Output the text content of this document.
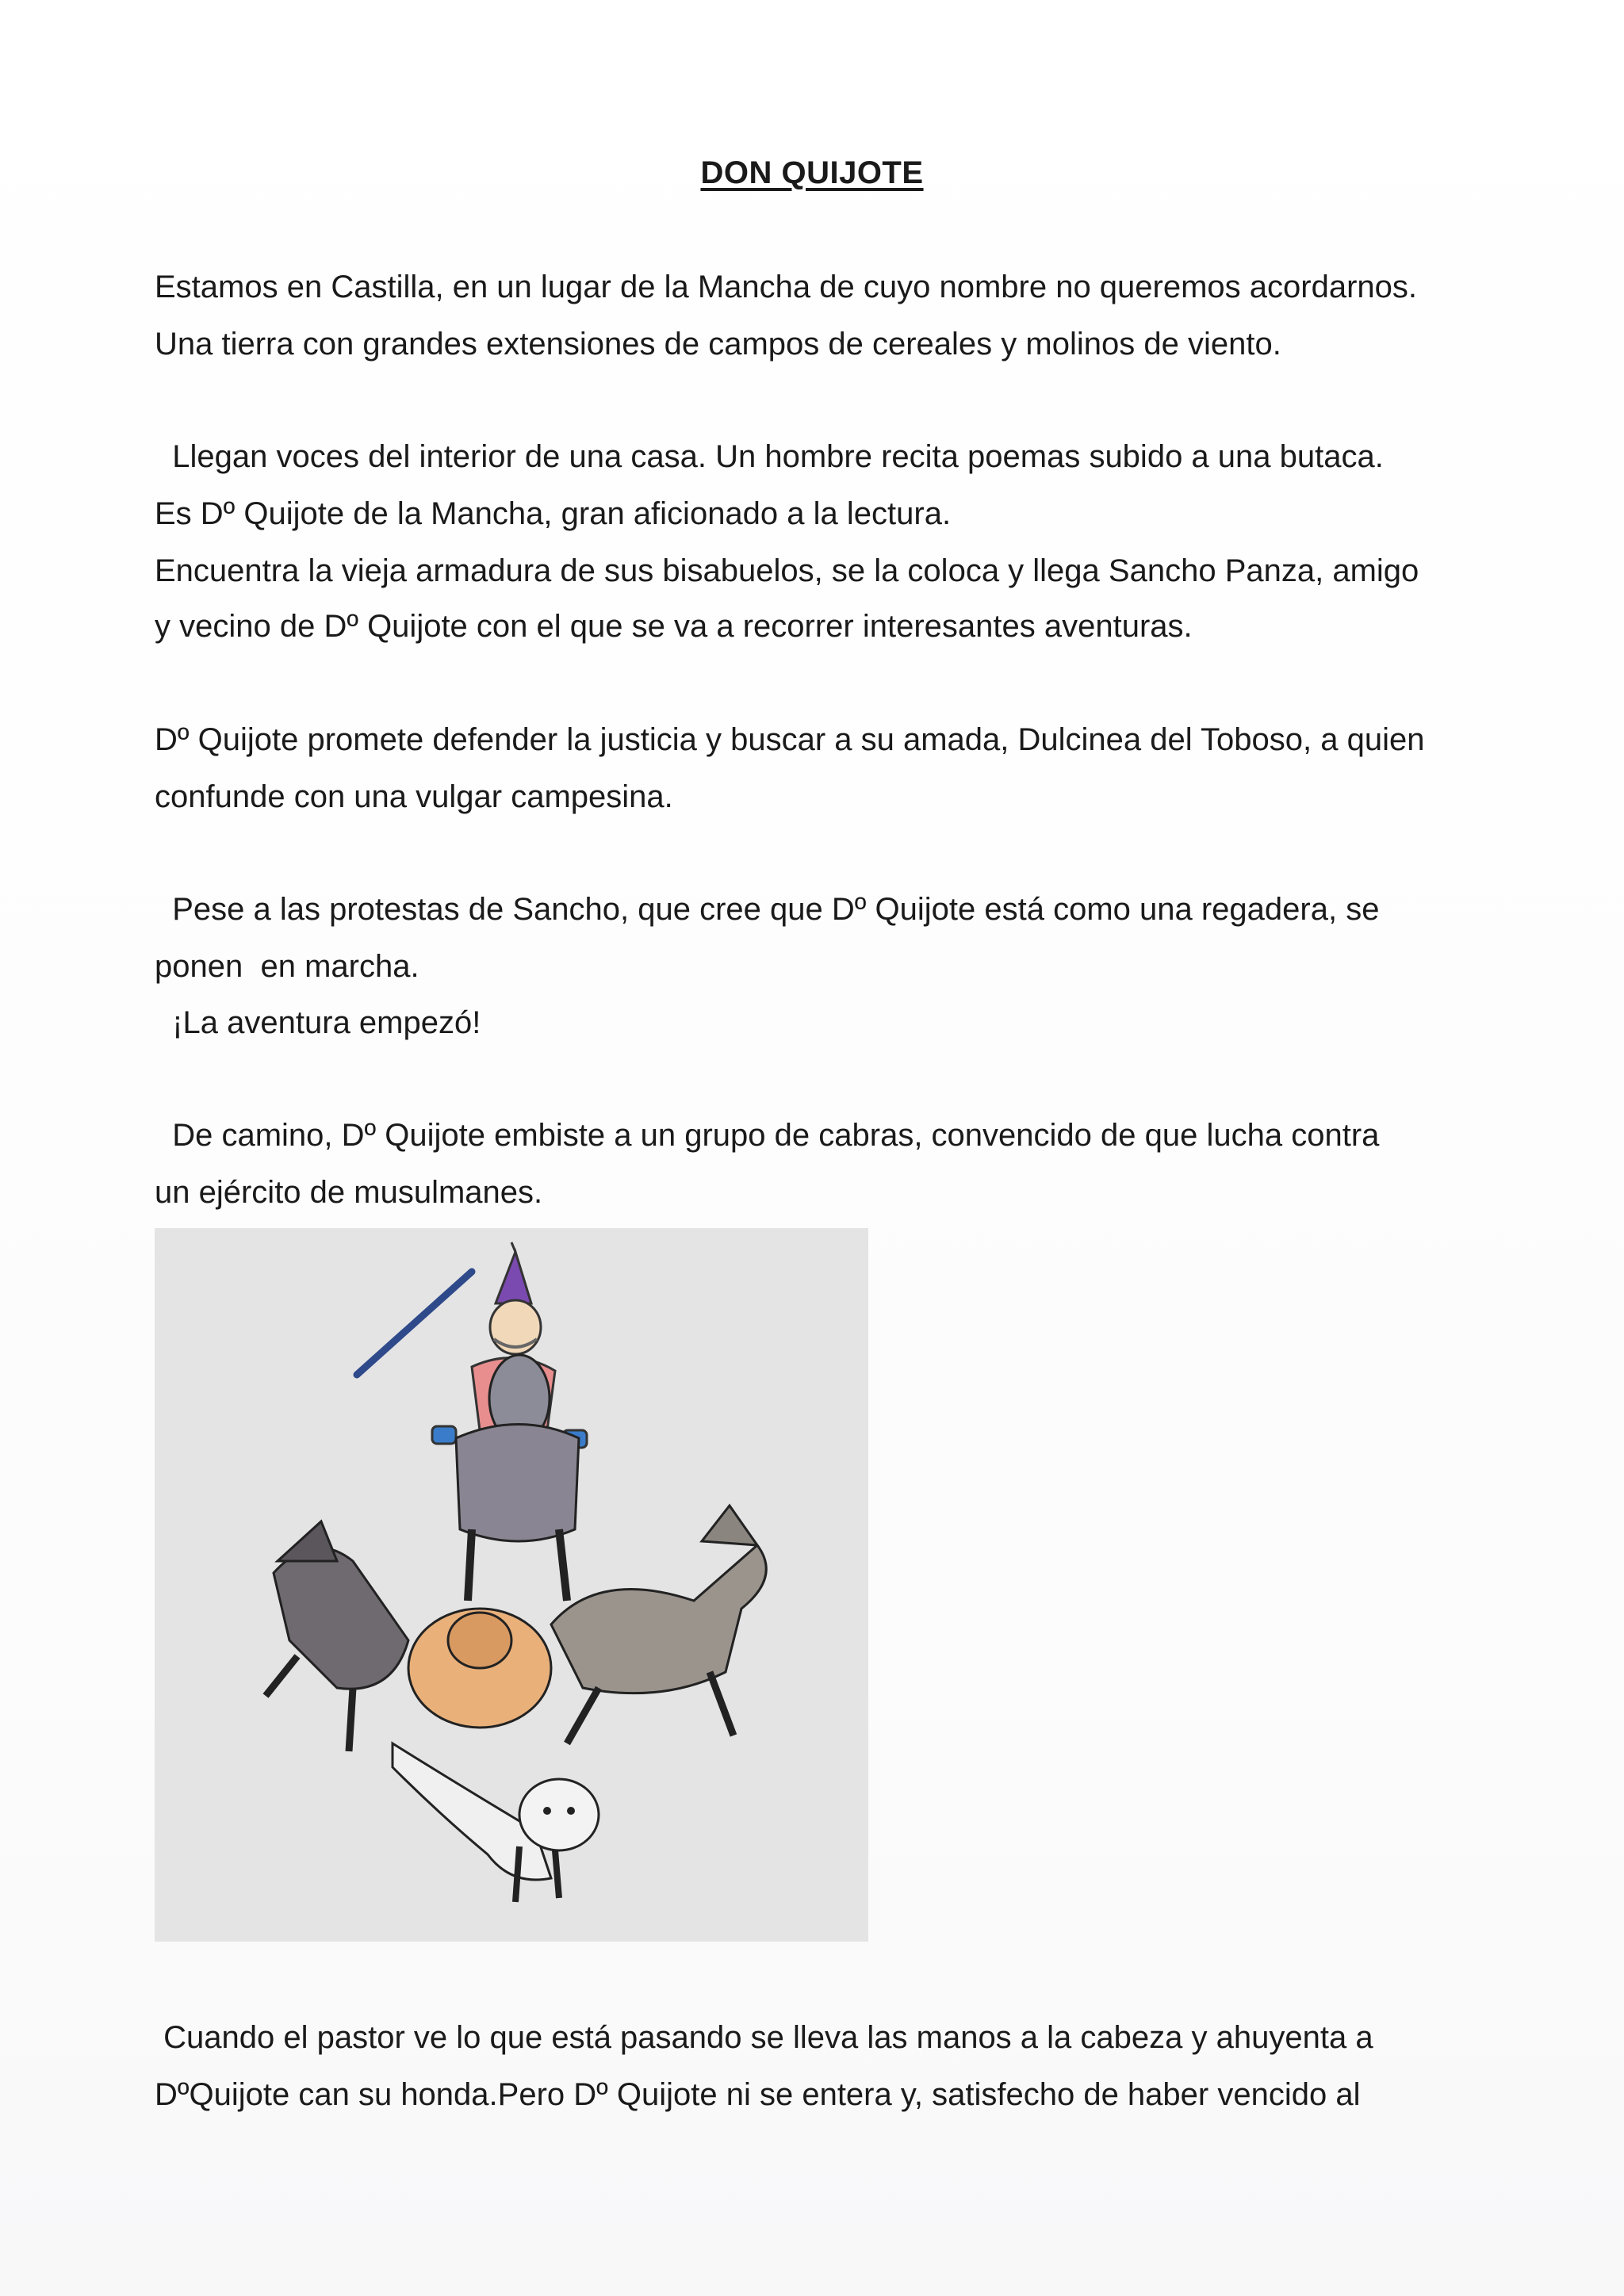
DON QUIJOTE
Estamos en Castilla, en un lugar de la Mancha de cuyo nombre no queremos acordarnos.
Una tierra con grandes extensiones de campos de cereales y molinos de viento.
Llegan voces del interior de una casa. Un hombre recita poemas subido a una butaca.
Es Dº Quijote de la Mancha, gran aficionado a la lectura.
Encuentra la vieja armadura de sus bisabuelos, se la coloca y llega Sancho Panza, amigo
y vecino de Dº Quijote con el que se va a recorrer interesantes aventuras.
Dº Quijote promete defender la justicia y buscar a su amada, Dulcinea del Toboso, a quien
confunde con una vulgar campesina.
Pese a las protestas de Sancho, que cree que Dº Quijote está como una regadera, se
ponen  en marcha.
¡La aventura empezó!
De camino, Dº Quijote embiste a un grupo de cabras, convencido de que lucha contra
un ejército de musulmanes.
Cuando el pastor ve lo que está pasando se lleva las manos a la cabeza y ahuyenta a
DºQuijote can su honda.Pero Dº Quijote ni se entera y, satisfecho de haber vencido al
